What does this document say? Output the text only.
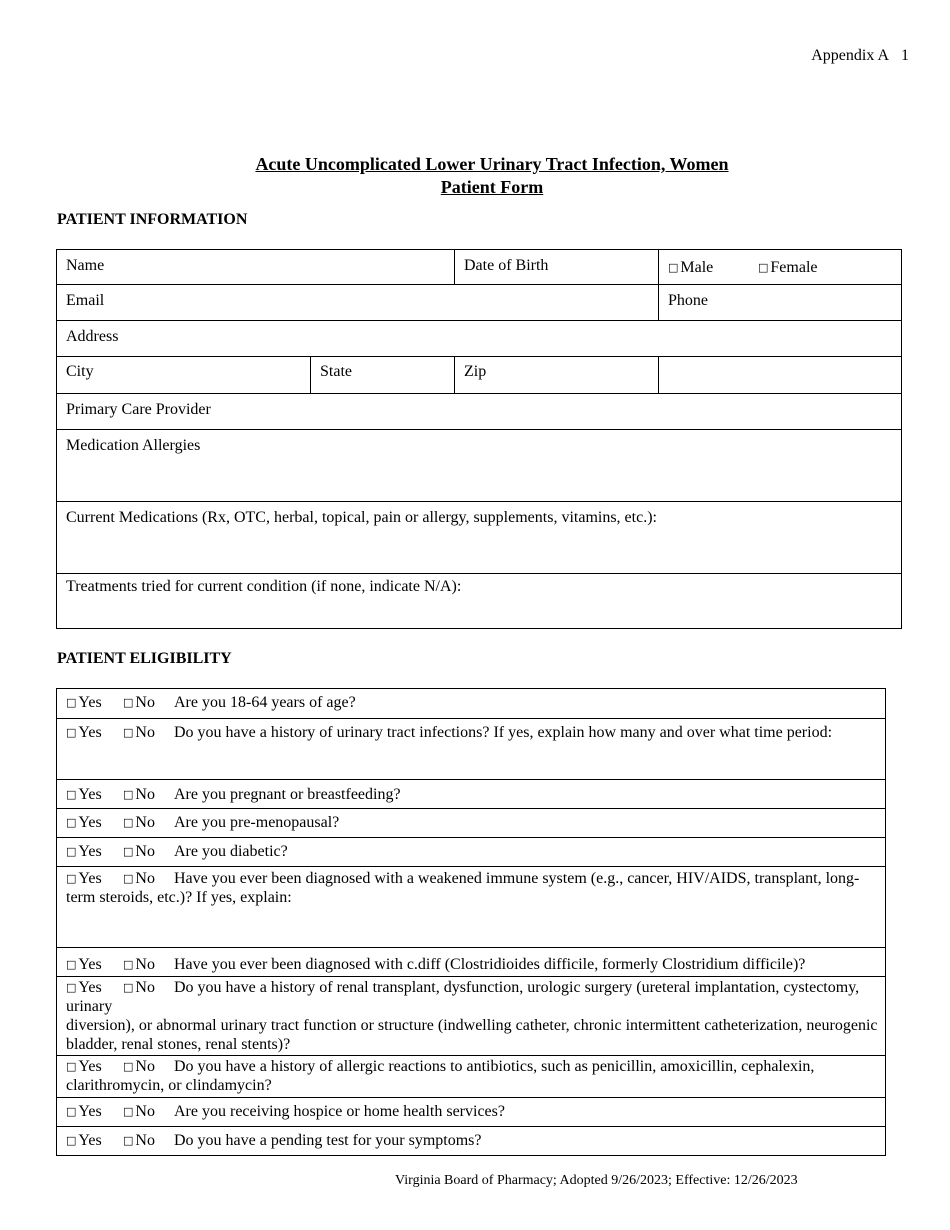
Appendix A 1
Acute Uncomplicated Lower Urinary Tract Infection, Women
Patient Form
PATIENT INFORMATION
Name	Date of Birth	□ Male	□ Female
Email	Phone
Address
City	State	Zip
Primary Care Provider
Medication Allergies
Current Medications (Rx, OTC, herbal, topical, pain or allergy, supplements, vitamins, etc.):
Treatments tried for current condition (if none, indicate N/A):
PATIENT ELIGIBILITY
□ Yes □ No Are you 18-64 years of age?
□ Yes □ No Do you have a history of urinary tract infections? If yes, explain how many and over what time period:
□ Yes □ No Are you pregnant or breastfeeding?
□ Yes □ No Are you pre-menopausal?
□ Yes □ No Are you diabetic?
□ Yes □ No Have you ever been diagnosed with a weakened immune system (e.g., cancer, HIV/AIDS, transplant, long-term steroids, etc.)? If yes, explain:
□ Yes □ No Have you ever been diagnosed with c.diff (Clostridioides difficile, formerly Clostridium difficile)?
□ Yes □ No Do you have a history of renal transplant, dysfunction, urologic surgery (ureteral implantation, cystectomy, urinary
diversion), or abnormal urinary tract function or structure (indwelling catheter, chronic intermittent catheterization, neurogenic bladder, renal stones, renal stents)?
□ Yes □ No Do you have a history of allergic reactions to antibiotics, such as penicillin, amoxicillin, cephalexin, clarithromycin, or clindamycin?
□ Yes □ No Are you receiving hospice or home health services?
□ Yes □ No Do you have a pending test for your symptoms?
Virginia Board of Pharmacy; Adopted 9/26/2023; Effective: 12/26/2023
